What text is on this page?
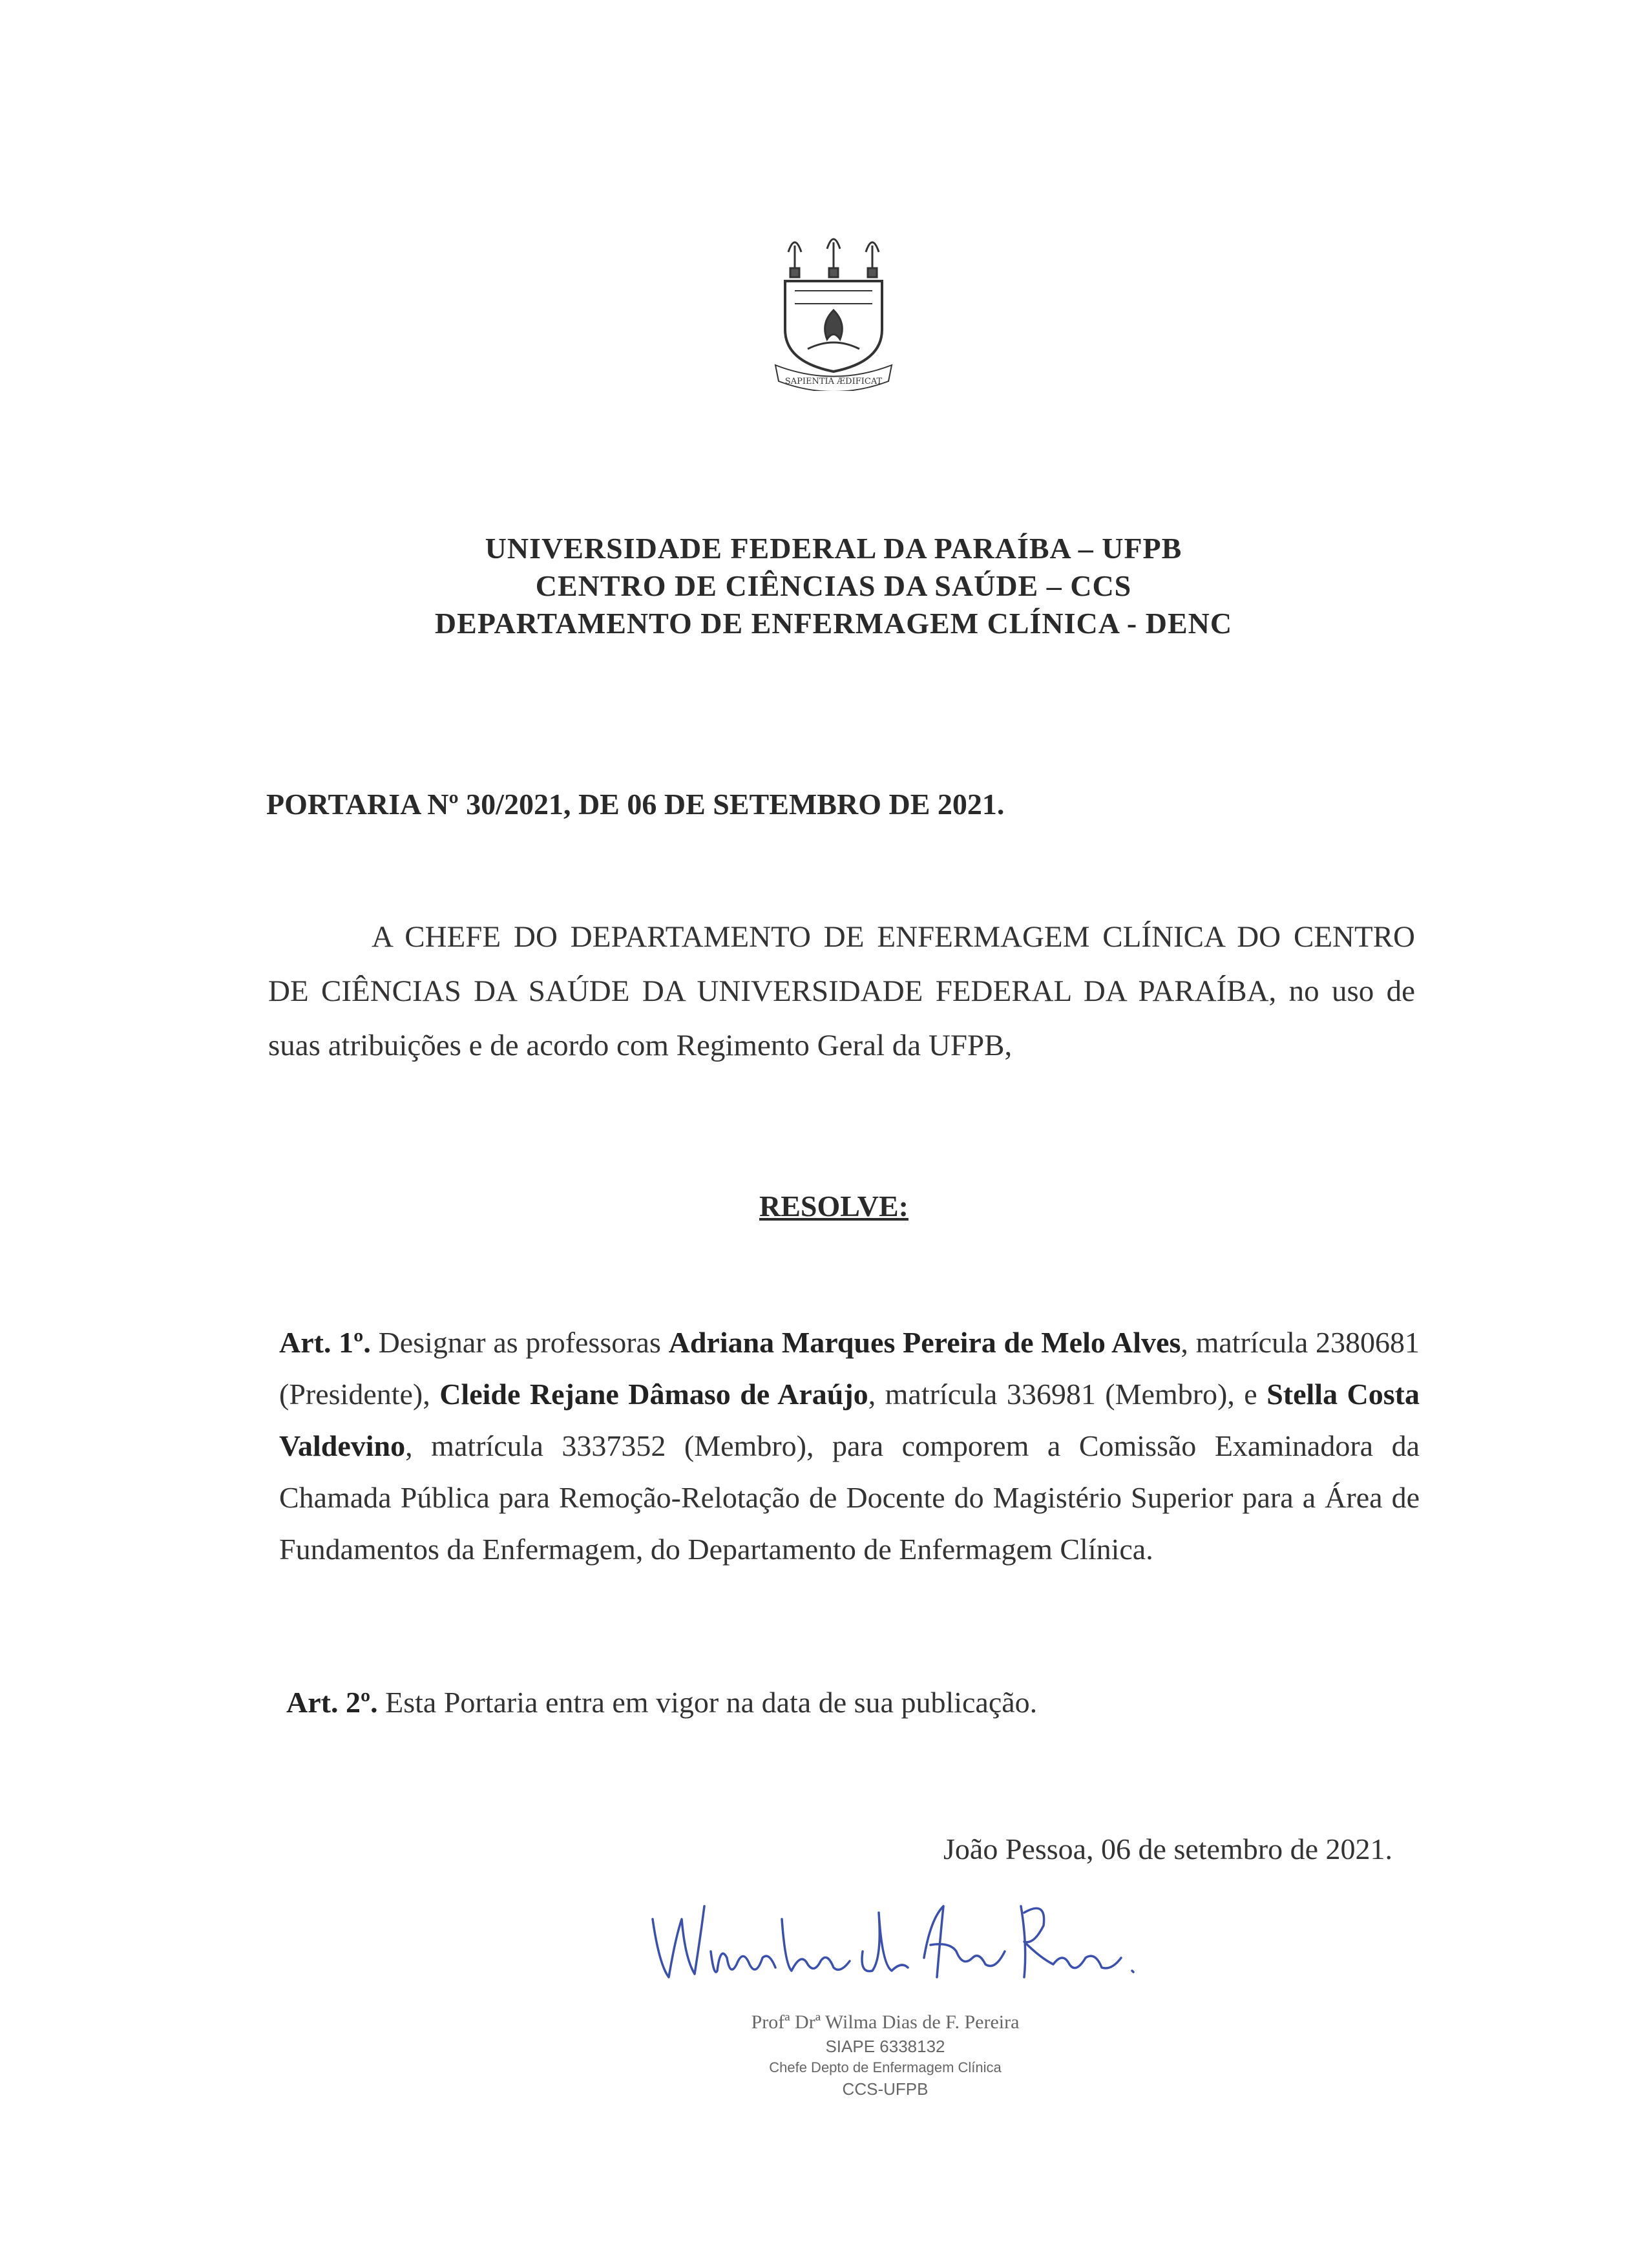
SAPIENTIA ÆDIFICAT
UNIVERSIDADE FEDERAL DA PARAÍBA – UFPB
CENTRO DE CIÊNCIAS DA SAÚDE – CCS
DEPARTAMENTO DE ENFERMAGEM CLÍNICA - DENC
PORTARIA Nº 30/2021, DE 06 DE SETEMBRO DE 2021.
A CHEFE DO DEPARTAMENTO DE ENFERMAGEM CLÍNICA DO CENTRO DE CIÊNCIAS DA SAÚDE DA UNIVERSIDADE FEDERAL DA PARAÍBA, no uso de suas atribuições e de acordo com Regimento Geral da UFPB,
RESOLVE:
Art. 1º. Designar as professoras Adriana Marques Pereira de Melo Alves, matrícula 2380681 (Presidente), Cleide Rejane Dâmaso de Araújo, matrícula 336981 (Membro), e Stella Costa Valdevino, matrícula 3337352 (Membro), para comporem a Comissão Examinadora da Chamada Pública para Remoção-Relotação de Docente do Magistério Superior para a Área de Fundamentos da Enfermagem, do Departamento de Enfermagem Clínica.
Art. 2º. Esta Portaria entra em vigor na data de sua publicação.
João Pessoa, 06 de setembro de 2021.
Profª Drª Wilma Dias de F. Pereira
SIAPE 6338132
Chefe Depto de Enfermagem Clínica
CCS-UFPB
